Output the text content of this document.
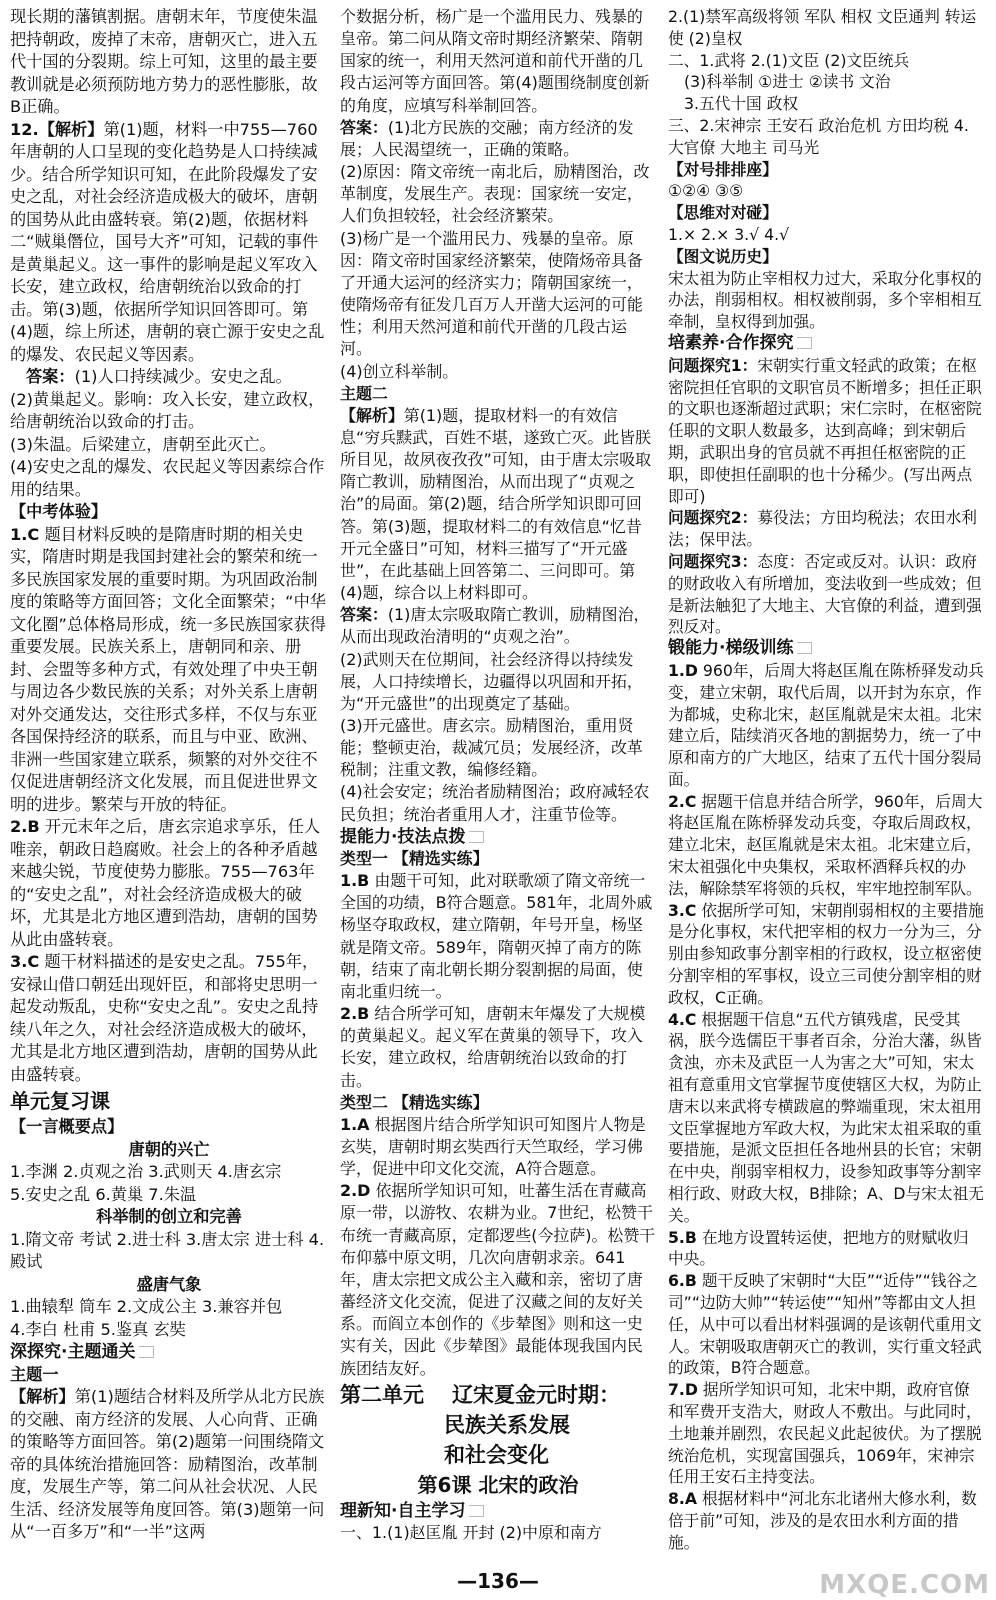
现长期的藩镇割据。唐朝末年，节度使朱温把持朝政，废掉了末帝，唐朝灭亡，进入五代十国的分裂期。综上可知，这里的最主要教训就是必须预防地方势力的恶性膨胀，故B正确。
12.【解析】第(1)题，材料一中755—760年唐朝的人口呈现的变化趋势是人口持续减少。结合所学知识可知，在此阶段爆发了安史之乱，对社会经济造成极大的破坏，唐朝的国势从此由盛转衰。第(2)题，依据材料二“贼巢僭位，国号大齐”可知，记载的事件是黄巢起义。这一事件的影响是起义军攻入长安，建立政权，给唐朝统治以致命的打击。第(3)题，依据所学知识回答即可。第(4)题，综上所述，唐朝的衰亡源于安史之乱的爆发、农民起义等因素。
答案：(1)人口持续减少。安史之乱。
(2)黄巢起义。影响：攻入长安，建立政权，给唐朝统治以致命的打击。
(3)朱温。后梁建立，唐朝至此灭亡。
(4)安史之乱的爆发、农民起义等因素综合作用的结果。
【中考体验】
1.C 题目材料反映的是隋唐时期的相关史实，隋唐时期是我国封建社会的繁荣和统一多民族国家发展的重要时期。为巩固政治制度的策略等方面回答；文化全面繁荣；“中华文化圈”总体格局形成，统一多民族国家获得重要发展。民族关系上，唐朝同和亲、册封、会盟等多种方式，有效处理了中央王朝与周边各少数民族的关系；对外关系上唐朝对外交通发达，交往形式多样，不仅与东亚各国保持经济的联系，而且与中亚、欧洲、非洲一些国家建立联系，频繁的对外交往不仅促进唐朝经济文化发展，而且促进世界文明的进步。繁荣与开放的特征。
2.B 开元末年之后，唐玄宗追求享乐，任人唯亲，朝政日趋腐败。社会上的各种矛盾越来越尖锐，节度使势力膨胀。755—763年的“安史之乱”，对社会经济造成极大的破坏，尤其是北方地区遭到浩劫，唐朝的国势从此由盛转衰。
3.C 题干材料描述的是安史之乱。755年，安禄山借口朝廷出现奸臣，和部将史思明一起发动叛乱，史称“安史之乱”。安史之乱持续八年之久，对社会经济造成极大的破坏，尤其是北方地区遭到浩劫，唐朝的国势从此由盛转衰。
单元复习课
【一言概要点】
唐朝的兴亡
1.李渊 2.贞观之治 3.武则天 4.唐玄宗
5.安史之乱 6.黄巢 7.朱温
科举制的创立和完善
1.隋文帝 考试 2.进士科 3.唐太宗 进士科 4.殿试
盛唐气象
1.曲辕犁 筒车 2.文成公主 3.兼容并包
4.李白 杜甫 5.鉴真 玄奘
深探究·主题通关
主题一
【解析】第(1)题结合材料及所学从北方民族的交融、南方经济的发展、人心向背、正确的策略等方面回答。第(2)题第一问围绕隋文帝的具体统治措施回答：励精图治，改革制度，发展生产等，第二问从社会状况、人民生活、经济发展等角度回答。第(3)题第一问从“一百多万”和“一半”这两
个数据分析，杨广是一个滥用民力、残暴的皇帝。第二问从隋文帝时期经济繁荣、隋朝国家的统一，利用天然河道和前代开凿的几段古运河等方面回答。第(4)题围绕制度创新的角度，应填写科举制回答。
答案：(1)北方民族的交融；南方经济的发展；人民渴望统一，正确的策略。
(2)原因：隋文帝统一南北后，励精图治，改革制度，发展生产。表现：国家统一安定，人们负担较轻，社会经济繁荣。
(3)杨广是一个滥用民力、残暴的皇帝。原因：隋文帝时国家经济繁荣，使隋炀帝具备了开通大运河的经济实力；隋朝国家统一，使隋炀帝有征发几百万人开凿大运河的可能性；利用天然河道和前代开凿的几段古运河。
(4)创立科举制。
主题二
【解析】第(1)题，提取材料一的有效信息“穷兵黩武，百姓不堪，遂致亡灭。此皆朕所目见，故夙夜孜孜”可知，由于唐太宗吸取隋亡教训，励精图治，从而出现了“贞观之治”的局面。第(2)题，结合所学知识即可回答。第(3)题，提取材料二的有效信息“忆昔开元全盛日”可知，材料三描写了“开元盛世”，在此基础上回答第二、三问即可。第(4)题，综合以上材料即可。
答案：(1)唐太宗吸取隋亡教训，励精图治，从而出现政治清明的“贞观之治”。
(2)武则天在位期间，社会经济得以持续发展，人口持续增长，边疆得以巩固和开拓，为“开元盛世”的出现奠定了基础。
(3)开元盛世。唐玄宗。励精图治，重用贤能；整顿吏治，裁减冗员；发展经济，改革税制；注重文教，编修经籍。
(4)社会安定；统治者励精图治；政府减轻农民负担；统治者重用人才，注重节俭等。
提能力·技法点拨
类型一 【精选实练】
1.B 由题干可知，此对联歌颂了隋文帝统一全国的功绩，B符合题意。581年，北周外戚杨坚夺取政权，建立隋朝，年号开皇，杨坚就是隋文帝。589年，隋朝灭掉了南方的陈朝，结束了南北朝长期分裂割据的局面，使南北重归统一。
2.B 结合所学可知，唐朝末年爆发了大规模的黄巢起义。起义军在黄巢的领导下，攻入长安，建立政权，给唐朝统治以致命的打击。
类型二 【精选实练】
1.A 根据图片结合所学知识可知图片人物是玄奘，唐朝时期玄奘西行天竺取经，学习佛学，促进中印文化交流，A符合题意。
2.D 依据所学知识可知，吐蕃生活在青藏高原一带，以游牧、农耕为业。7世纪，松赞干布统一青藏高原，定都逻些(今拉萨)。松赞干布仰慕中原文明，几次向唐朝求亲。641年，唐太宗把文成公主入藏和亲，密切了唐蕃经济文化交流，促进了汉藏之间的友好关系。而阎立本创作的《步辇图》则和这一史实有关，因此《步辇图》最能体现我国内民族团结友好。
第二单元 辽宋夏金元时期：
民族关系发展
和社会变化
第6课 北宋的政治
理新知·自主学习
一、1.(1)赵匡胤 开封 (2)中原和南方
2.(1)禁军高级将领 军队 相权 文臣通判 转运使 (2)皇权
二、1.武将 2.(1)文臣 (2)文臣统兵
(3)科举制 ①进士 ②读书 文治
3.五代十国 政权
三、2.宋神宗 王安石 政治危机 方田均税 4.大官僚 大地主 司马光
【对号排排座】
①②④ ③⑤
【思维对对碰】
1.× 2.× 3.√ 4.√
【图文说历史】
宋太祖为防止宰相权力过大，采取分化事权的办法，削弱相权。相权被削弱，多个宰相相互牵制，皇权得到加强。
培素养·合作探究
问题探究1：宋朝实行重文轻武的政策；在枢密院担任官职的文职官员不断增多；担任正职的文职也逐渐超过武职；宋仁宗时，在枢密院任职的文职人数最多，达到高峰；到宋朝后期，武职出身的官员就不再担任枢密院的正职，即使担任副职的也十分稀少。(写出两点即可)
问题探究2：募役法；方田均税法；农田水利法；保甲法。
问题探究3：态度：否定或反对。认识：政府的财政收入有所增加，变法收到一些成效；但是新法触犯了大地主、大官僚的利益，遭到强烈反对。
锻能力·梯级训练
1.D 960年，后周大将赵匡胤在陈桥驿发动兵变，建立宋朝，取代后周，以开封为东京，作为都城，史称北宋，赵匡胤就是宋太祖。北宋建立后，陆续消灭各地的割据势力，统一了中原和南方的广大地区，结束了五代十国分裂局面。
2.C 据题干信息并结合所学，960年，后周大将赵匡胤在陈桥驿发动兵变，夺取后周政权，建立北宋，赵匡胤就是宋太祖。北宋建立后，宋太祖强化中央集权，采取杯酒释兵权的办法，解除禁军将领的兵权，牢牢地控制军队。
3.C 依据所学可知，宋朝削弱相权的主要措施是分化事权，宋代把宰相的权力一分为三，分别由参知政事分割宰相的行政权，设立枢密使分割宰相的军事权，设立三司使分割宰相的财政权，C正确。
4.C 根据题干信息“五代方镇残虐，民受其祸，朕今选儒臣干事者百余，分治大藩，纵皆贪浊，亦未及武臣一人为害之大”可知，宋太祖有意重用文官掌握节度使辖区大权，为防止唐末以来武将专横跋扈的弊端重现，宋太祖用文臣掌握地方军政大权，为此宋太祖采取的重要措施，是派文臣担任各地州县的长官；宋朝在中央，削弱宰相权力，设参知政事等分割宰相行政、财政大权，B排除；A、D与宋太祖无关。
5.B 在地方设置转运使，把地方的财赋收归中央。
6.B 题干反映了宋朝时“大臣”“近侍”“钱谷之司”“边防大帅”“转运使”“知州”等都由文人担任，从中可以看出材料强调的是该朝代重用文人。宋朝吸取唐朝灭亡的教训，实行重文轻武的政策，B符合题意。
7.D 据所学知识可知，北宋中期，政府官僚和军费开支浩大，财政人不敷出。与此同时，土地兼并剧烈，农民起义此起彼伏。为了摆脱统治危机，实现富国强兵，1069年，宋神宗任用王安石主持变法。
8.A 根据材料中“河北东北诸州大修水利，数倍于前”可知，涉及的是农田水利方面的措施。
—136—	MXQE.COM
